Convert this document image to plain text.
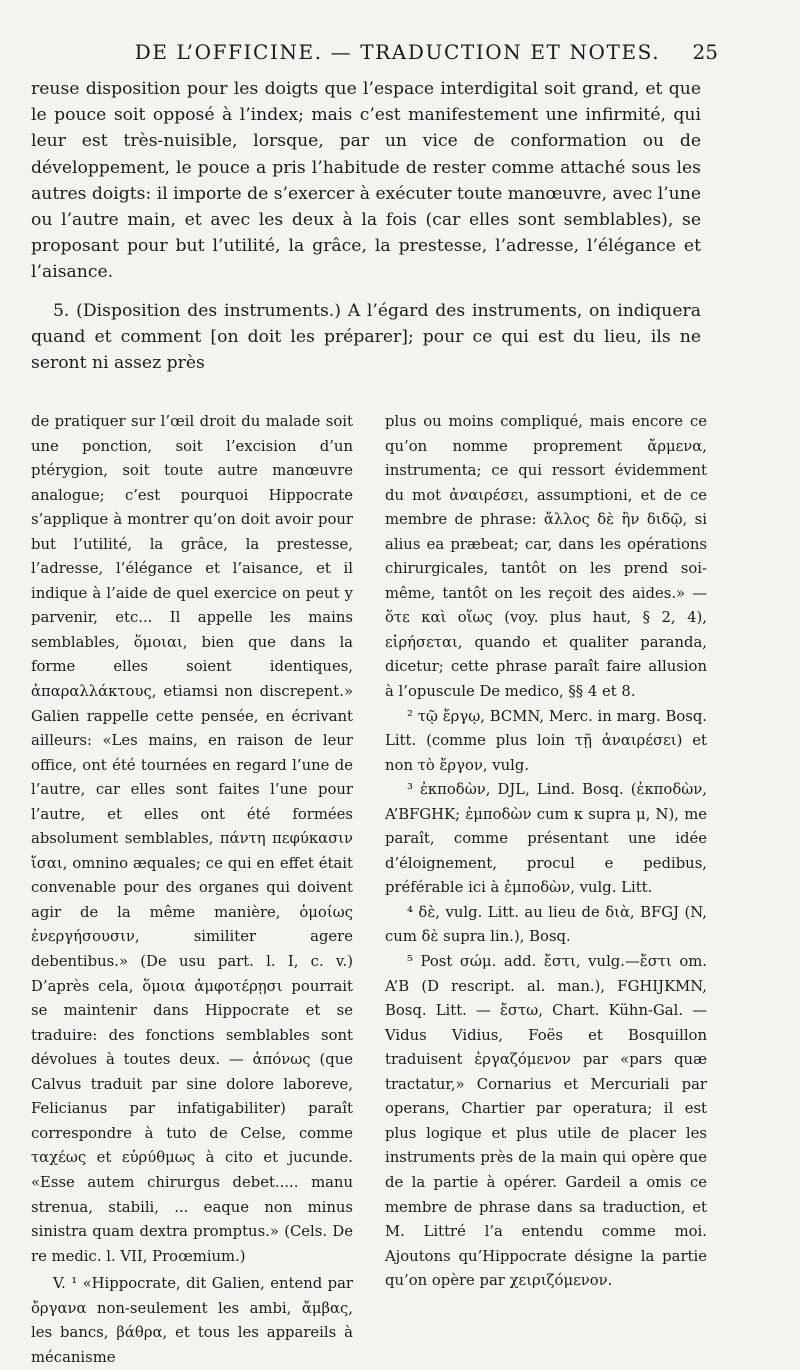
DE L’OFFICINE. — TRADUCTION ET NOTES.	25
reuse disposition pour les doigts que l’espace interdigital soit grand, et que le pouce soit opposé à l’index; mais c’est manifestement une infirmité, qui leur est très-nuisible, lorsque, par un vice de conformation ou de développement, le pouce a pris l’habitude de rester comme attaché sous les autres doigts: il importe de s’exercer à exécuter toute manœuvre, avec l’une ou l’autre main, et avec les deux à la fois (car elles sont semblables), se proposant pour but l’utilité, la grâce, la prestesse, l’adresse, l’élégance et l’aisance.
5. (Disposition des instruments.) A l’égard des instruments, on indiquera quand et comment [on doit les préparer]; pour ce qui est du lieu, ils ne seront ni assez près

de pratiquer sur l’œil droit du malade soit une ponction, soit l’excision d’un ptérygion, soit toute autre manœuvre analogue; c’est pourquoi Hippocrate s’applique à montrer qu’on doit avoir pour but l’utilité, la grâce, la prestesse, l’adresse, l’élégance et l’aisance, et il indique à l’aide de quel exercice on peut y parvenir, etc... Il appelle les mains semblables, ὅμοιαι, bien que dans la forme elles soient identiques, ἀπαραλλάκτους, etiamsi non discrepent.» Galien rappelle cette pensée, en écrivant ailleurs: «Les mains, en raison de leur office, ont été tournées en regard l’une de l’autre, car elles sont faites l’une pour l’autre, et elles ont été formées absolument semblables, πάντη πεφύκασιν ἴσαι, omnino æquales; ce qui en effet était convenable pour des organes qui doivent agir de la même manière, ὁμοίως ἐνεργήσουσιν, similiter agere debentibus.» (De usu part. l. I, c. v.) D’après cela, ὅμοια ἀμφοτέρῃσι pourrait se maintenir dans Hippocrate et se traduire: des fonctions semblables sont dévolues à toutes deux. — ἀπόνως (que Calvus traduit par sine dolore laboreve, Felicianus par infatigabiliter) paraît correspondre à tuto de Celse, comme ταχέως et εὐρύθμως à cito et jucunde. «Esse autem chirurgus debet..... manu strenua, stabili, ... eaque non minus sinistra quam dextra promptus.» (Cels. De re medic. l. VII, Proœmium.)

V. ¹ «Hippocrate, dit Galien, entend par ὄργανα non-seulement les ambi, ἄμβας, les bancs, βάθρα, et tous les appareils à mécanisme

plus ou moins compliqué, mais encore ce qu’on nomme proprement ἄρμενα, instrumenta; ce qui ressort évidemment du mot ἀναιρέσει, assumptioni, et de ce membre de phrase: ἄλλος δὲ ἢν διδῷ, si alius ea præbeat; car, dans les opérations chirurgicales, tantôt on les prend soi-même, tantôt on les reçoit des aides.» — ὅτε καὶ οἵως (voy. plus haut, § 2, 4), εἰρήσεται, quando et qualiter paranda, dicetur; cette phrase paraît faire allusion à l’opuscule De medico, §§ 4 et 8.

² τῷ ἔργῳ, BCMN, Merc. in marg. Bosq. Litt. (comme plus loin τῇ ἀναιρέσει) et non τὸ ἔργον, vulg.

³ ἐκποδὼν, DJL, Lind. Bosq. (ἐκποδὼν, A’BFGHK; ἐμποδὼν cum κ supra μ, N), me paraît, comme présentant une idée d’éloignement, procul e pedibus, préférable ici à ἐμποδὼν, vulg. Litt.

⁴ δὲ, vulg. Litt. au lieu de διὰ, BFGJ (N, cum δὲ supra lin.), Bosq.

⁵ Post σώμ. add. ἔστι, vulg.—ἔστι om. A’B (D rescript. al. man.), FGHIJKMN, Bosq. Litt. — ἔστω, Chart. Kühn-Gal. — Vidus Vidius, Foës et Bosquillon traduisent ἐργαζόμενον par «pars quæ tractatur,» Cornarius et Mercuriali par operans, Chartier par operatura; il est plus logique et plus utile de placer les instruments près de la main qui opère que de la partie à opérer. Gardeil a omis ce membre de phrase dans sa traduction, et M. Littré l’a entendu comme moi. Ajoutons qu’Hippocrate désigne la partie qu’on opère par χειριζόμενον.
